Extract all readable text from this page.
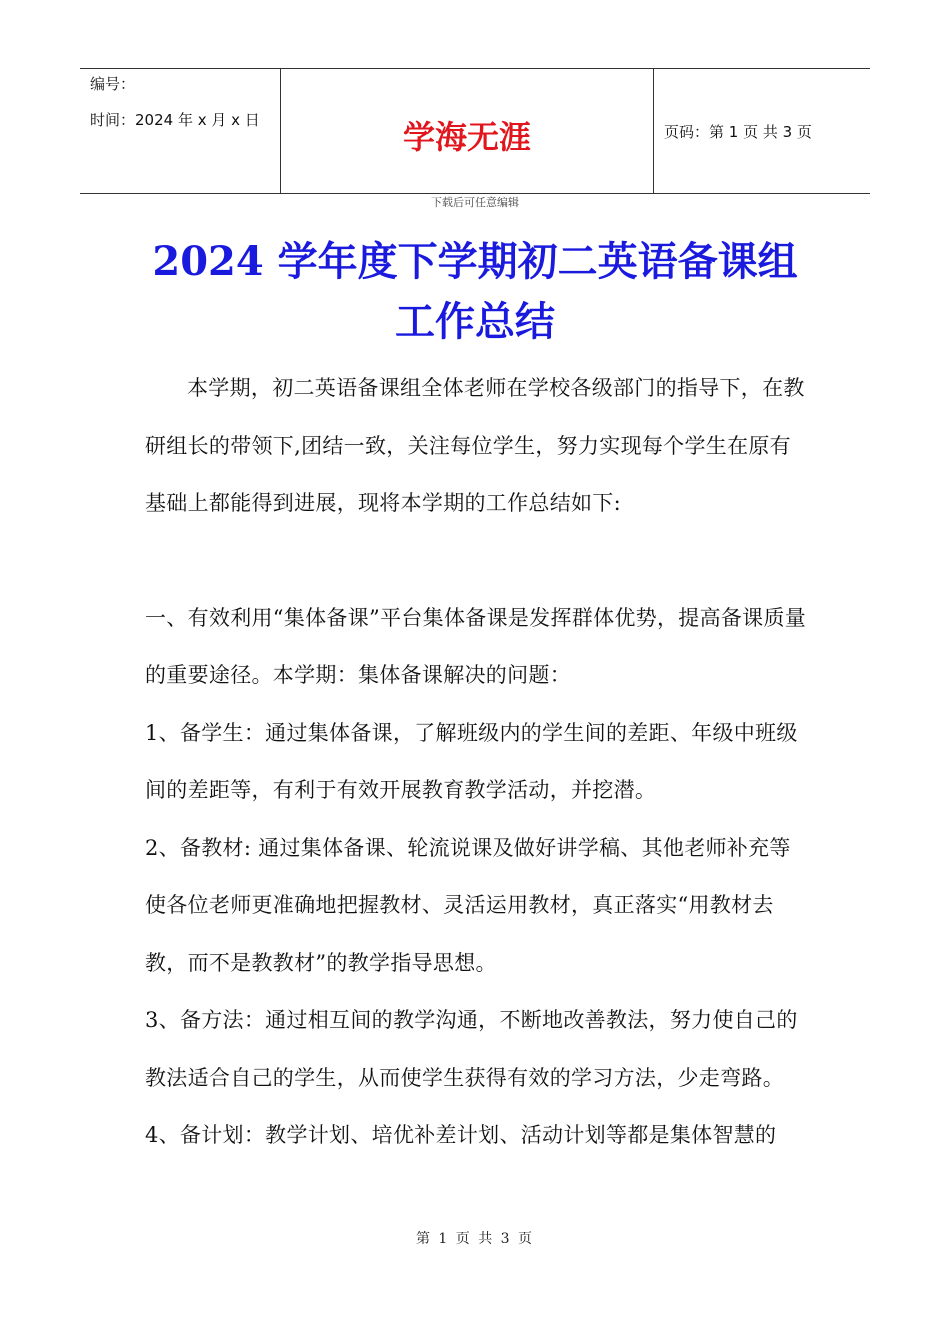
编号：
时间：2024 年 x 月 x 日	学海无涯	页码：第 1 页 共 3 页
下载后可任意编辑
2024 学年度下学期初二英语备课组
工作总结

本学期，初二英语备课组全体老师在学校各级部门的指导下，在教研组长的带领下,团结一致，关注每位学生，努力实现每个学生在原有基础上都能得到进展，现将本学期的工作总结如下:

一、有效利用“集体备课”平台集体备课是发挥群体优势，提高备课质量的重要途径。本学期：集体备课解决的问题：

1、备学生：通过集体备课，了解班级内的学生间的差距、年级中班级间的差距等，有利于有效开展教育教学活动，并挖潜。

2、备教材: 通过集体备课、轮流说课及做好讲学稿、其他老师补充等使各位老师更准确地把握教材、灵活运用教材，真正落实“用教材去教，而不是教教材”的教学指导思想。

3、备方法：通过相互间的教学沟通，不断地改善教法，努力使自己的教法适合自己的学生，从而使学生获得有效的学习方法，少走弯路。

4、备计划：教学计划、培优补差计划、活动计划等都是集体智慧的

第 1 页 共 3 页
